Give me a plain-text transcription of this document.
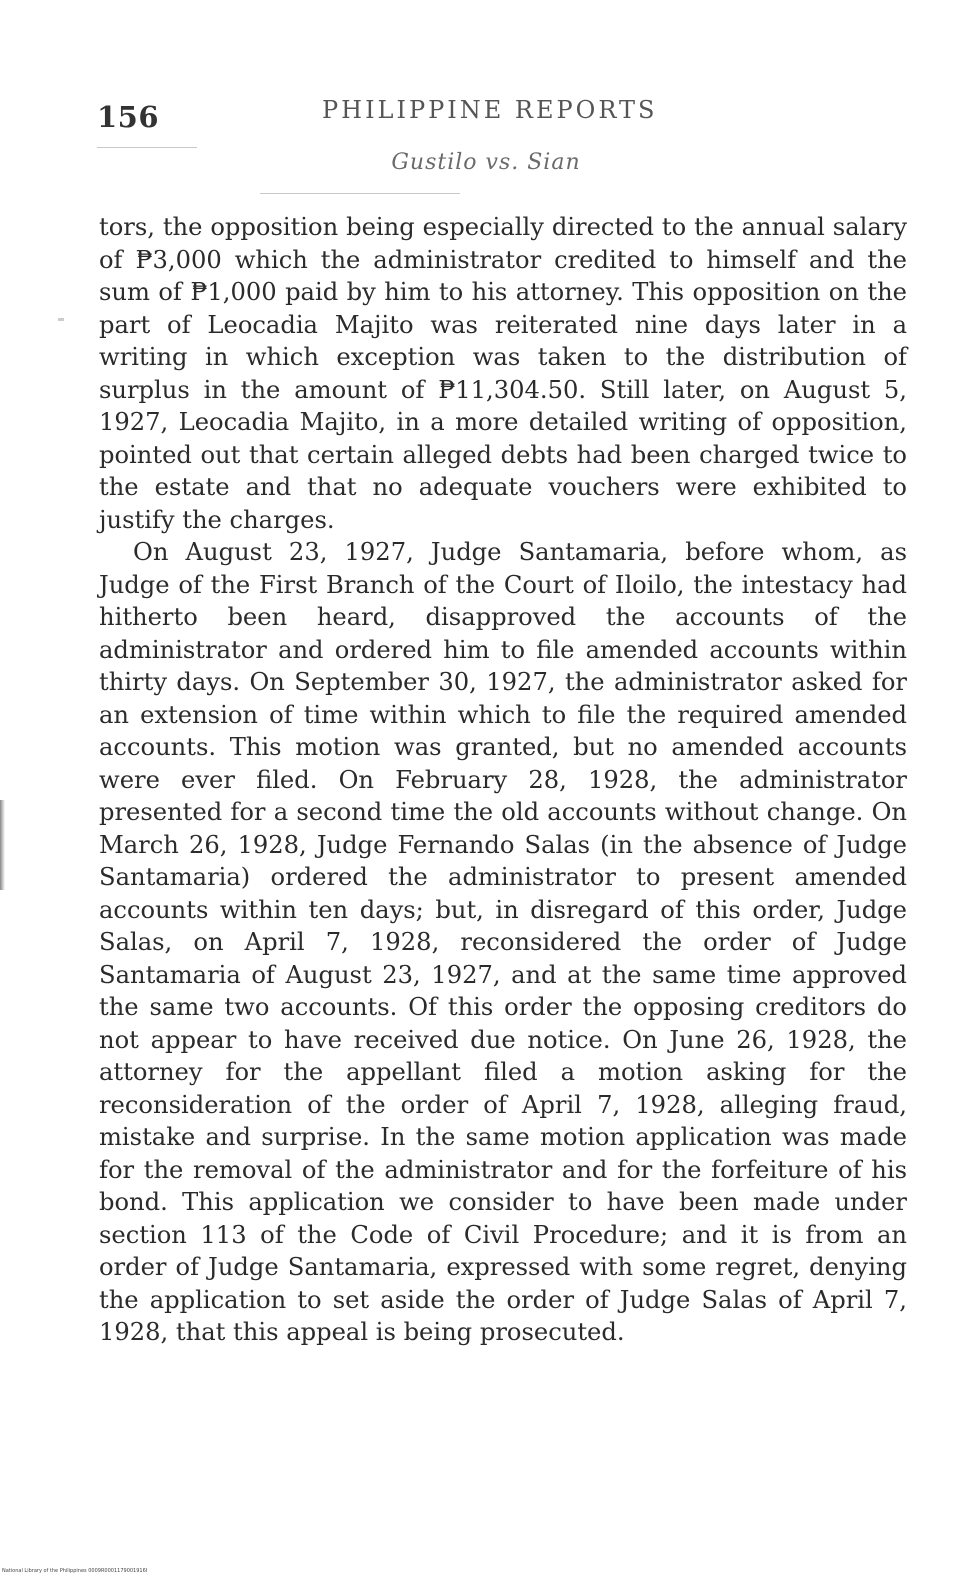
156	PHILIPPINE REPORTS
Gustilo vs. Sian

tors, the opposition being especially directed to the annual salary of ₱3,000 which the administrator credited to himself and the sum of ₱1,000 paid by him to his attorney. This opposition on the part of Leocadia Majito was reiterated nine days later in a writing in which exception was taken to the distribution of surplus in the amount of ₱11,304.50. Still later, on August 5, 1927, Leocadia Majito, in a more detailed writing of opposition, pointed out that certain alleged debts had been charged twice to the estate and that no adequate vouchers were exhibited to justify the charges.

On August 23, 1927, Judge Santamaria, before whom, as Judge of the First Branch of the Court of Iloilo, the intestacy had hitherto been heard, disapproved the accounts of the administrator and ordered him to file amended accounts within thirty days. On September 30, 1927, the administrator asked for an extension of time within which to file the required amended accounts. This motion was granted, but no amended accounts were ever filed. On February 28, 1928, the administrator presented for a second time the old accounts without change. On March 26, 1928, Judge Fernando Salas (in the absence of Judge Santamaria) ordered the administrator to present amended accounts within ten days; but, in disregard of this order, Judge Salas, on April 7, 1928, reconsidered the order of Judge Santamaria of August 23, 1927, and at the same time approved the same two accounts. Of this order the opposing creditors do not appear to have received due notice. On June 26, 1928, the attorney for the appellant filed a motion asking for the reconsideration of the order of April 7, 1928, alleging fraud, mistake and surprise. In the same motion application was made for the removal of the administrator and for the forfeiture of his bond. This application we consider to have been made under section 113 of the Code of Civil Procedure; and it is from an order of Judge Santamaria, expressed with some regret, denying the application to set aside the order of Judge Salas of April 7, 1928, that this appeal is being prosecuted.

National Library of the Philippines 0009R0001179001916I
